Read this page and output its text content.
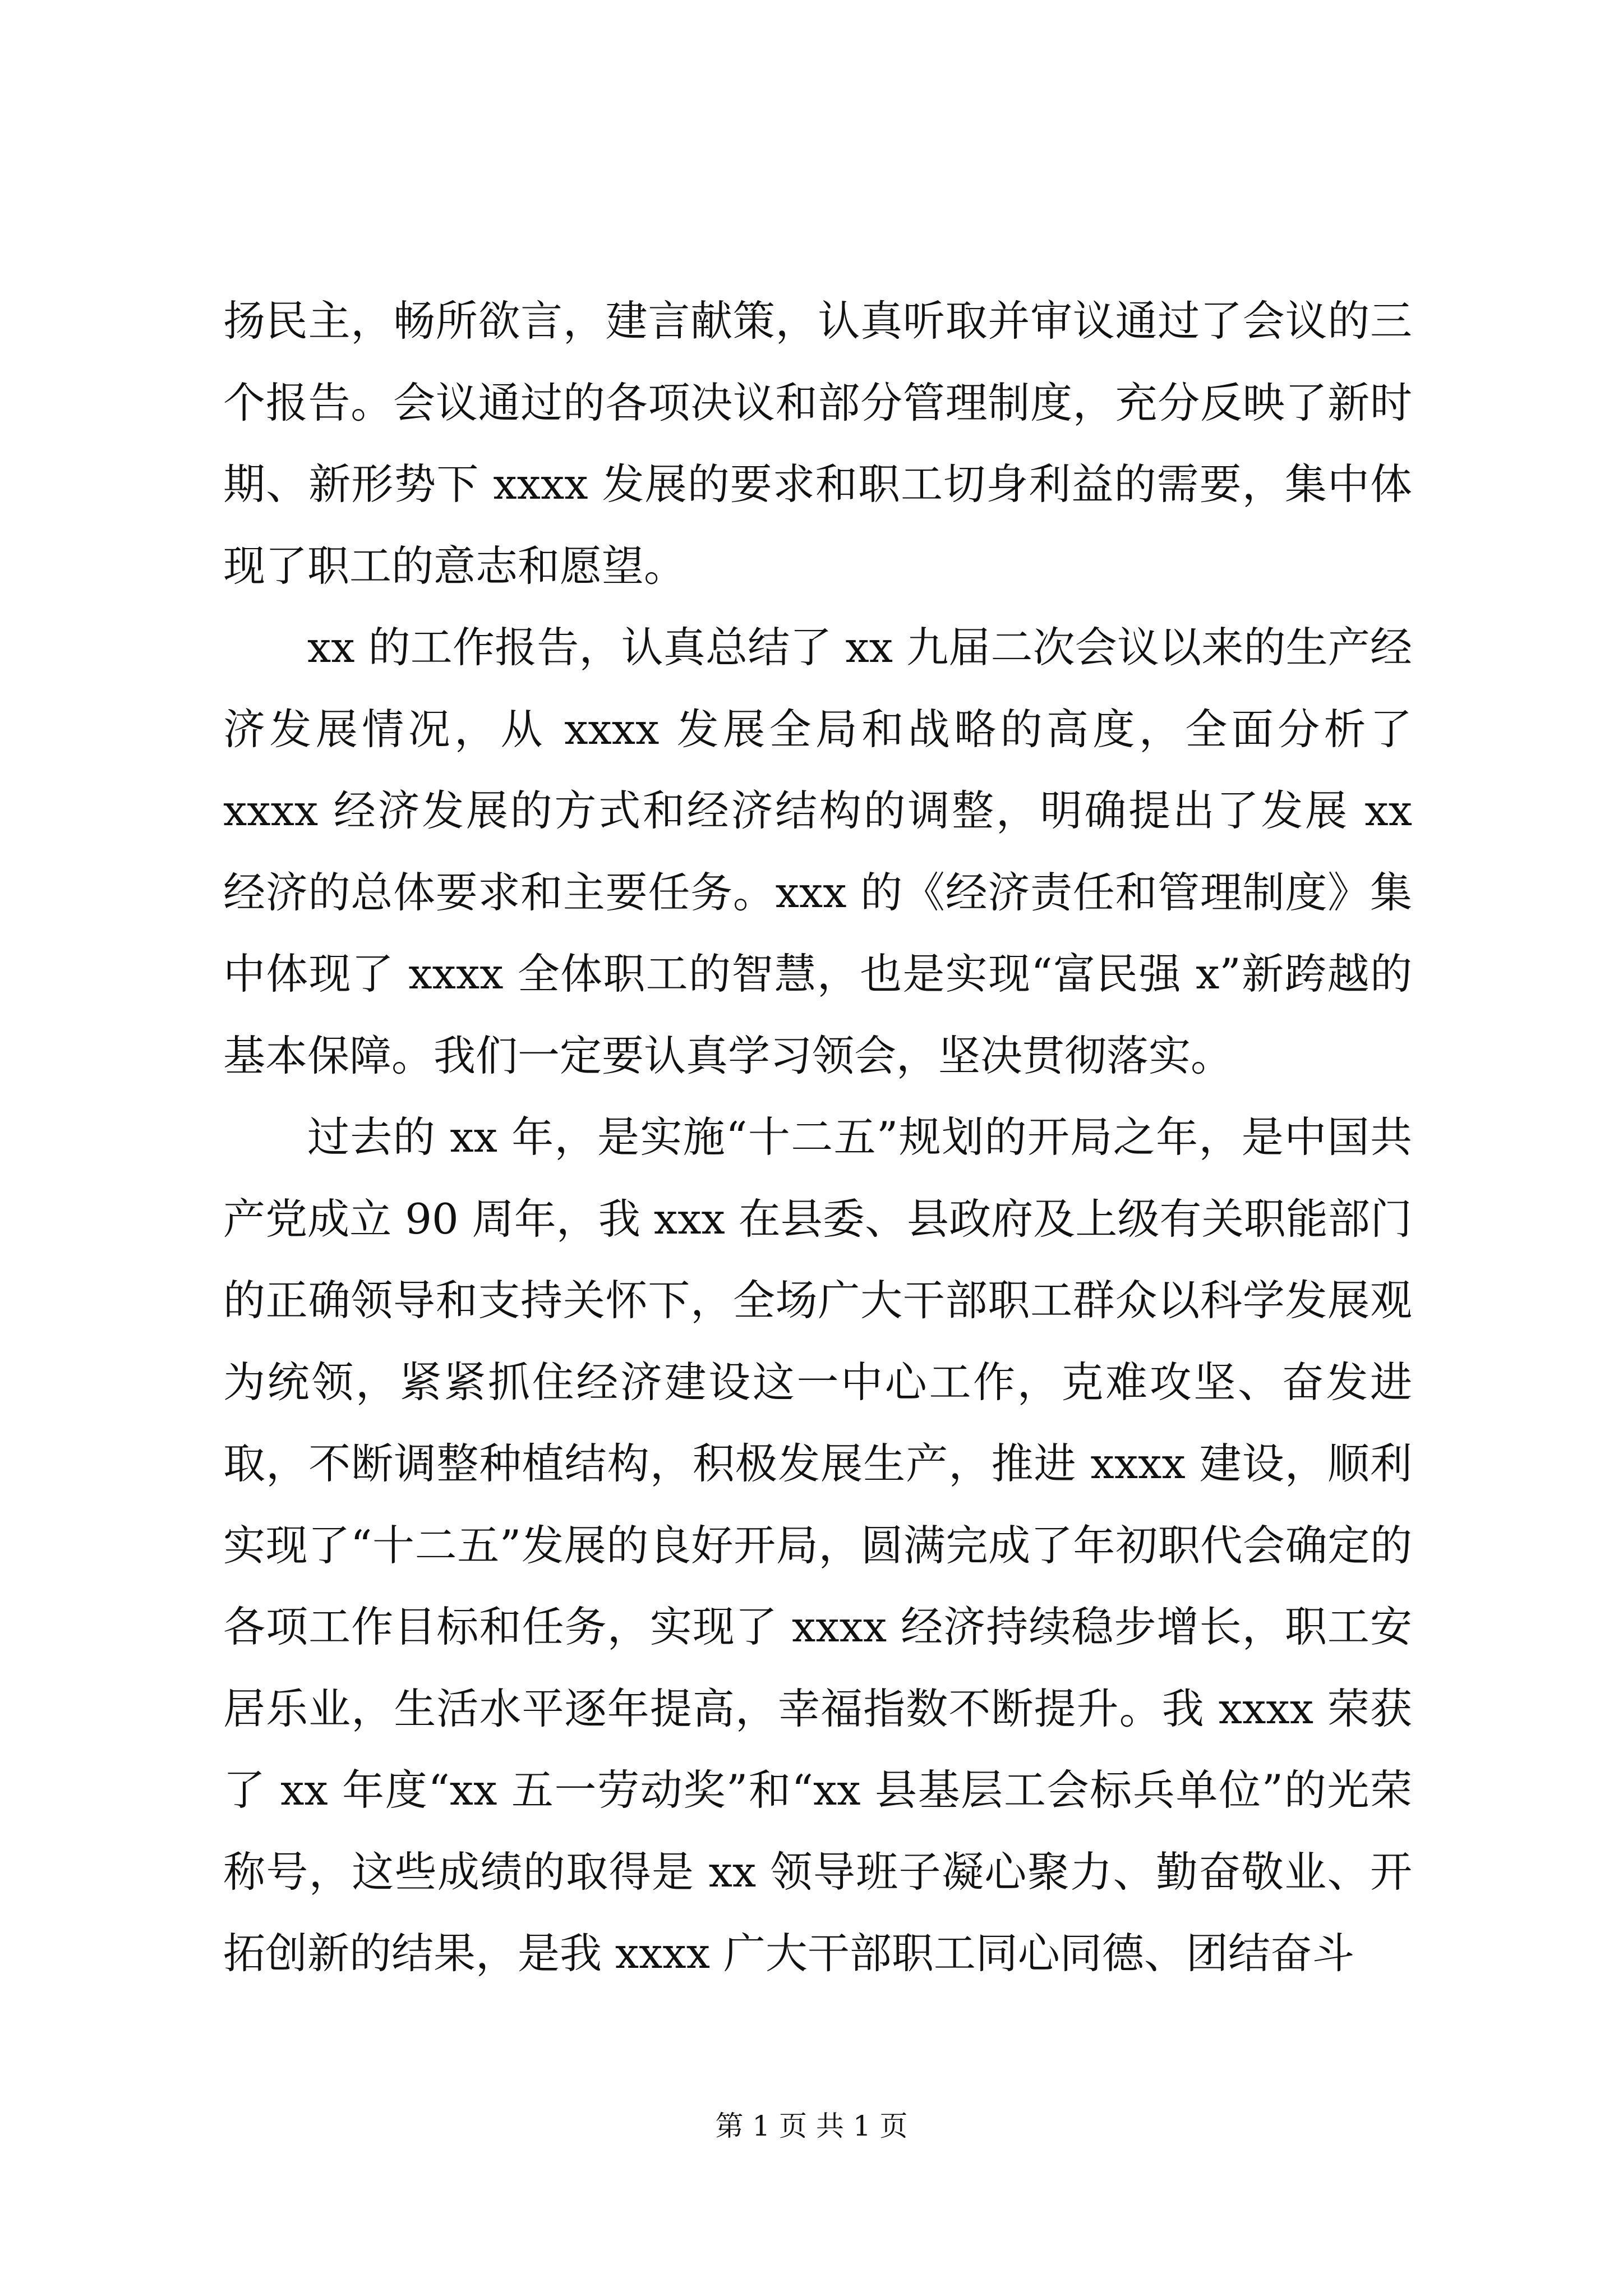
扬民主，畅所欲言，建言献策，认真听取并审议通过了会议的三个报告。会议通过的各项决议和部分管理制度，充分反映了新时期、新形势下 xxxx 发展的要求和职工切身利益的需要，集中体现了职工的意志和愿望。

xx 的工作报告，认真总结了 xx 九届二次会议以来的生产经济发展情况，从 xxxx 发展全局和战略的高度，全面分析了 xxxx 经济发展的方式和经济结构的调整，明确提出了发展 xx 经济的总体要求和主要任务。xxx 的《经济责任和管理制度》集中体现了 xxxx 全体职工的智慧，也是实现“富民强 x”新跨越的基本保障。我们一定要认真学习领会，坚决贯彻落实。

过去的 xx 年，是实施“十二五”规划的开局之年，是中国共产党成立 90 周年，我 xxx 在县委、县政府及上级有关职能部门的正确领导和支持关怀下，全场广大干部职工群众以科学发展观为统领，紧紧抓住经济建设这一中心工作，克难攻坚、奋发进取，不断调整种植结构，积极发展生产，推进 xxxx 建设，顺利实现了“十二五”发展的良好开局，圆满完成了年初职代会确定的各项工作目标和任务，实现了 xxxx 经济持续稳步增长，职工安居乐业，生活水平逐年提高，幸福指数不断提升。我 xxxx 荣获了 xx 年度“xx 五一劳动奖”和“xx 县基层工会标兵单位”的光荣称号，这些成绩的取得是 xx 领导班子凝心聚力、勤奋敬业、开拓创新的结果，是我 xxxx 广大干部职工同心同德、团结奋斗

第 1 页 共 1 页
